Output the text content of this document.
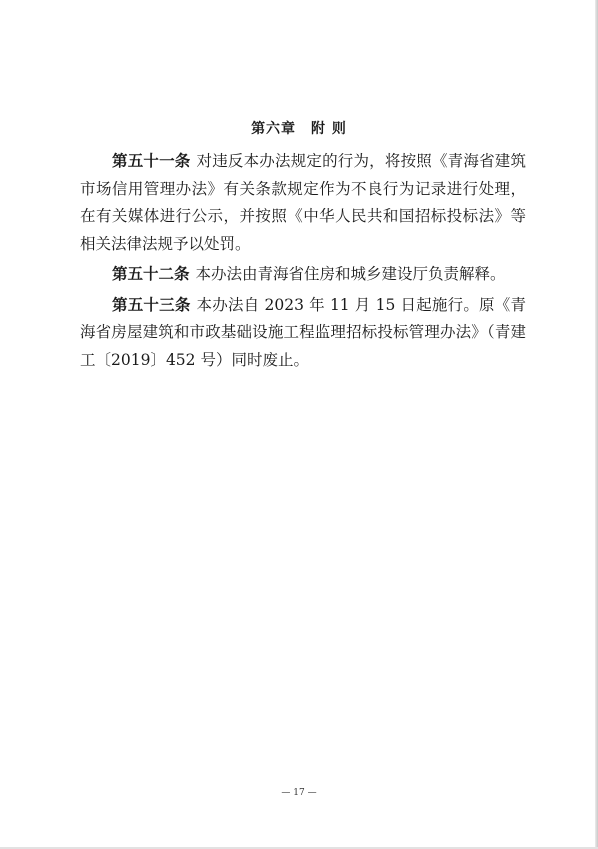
第六章　附 则

第五十一条 对违反本办法规定的行为，将按照《青海省建筑市场信用管理办法》有关条款规定作为不良行为记录进行处理，在有关媒体进行公示，并按照《中华人民共和国招标投标法》等相关法律法规予以处罚。

第五十二条 本办法由青海省住房和城乡建设厅负责解释。

第五十三条 本办法自 2023 年 11 月 15 日起施行。原《青海省房屋建筑和市政基础设施工程监理招标投标管理办法》（青建工〔2019〕452 号）同时废止。

— 17 —
